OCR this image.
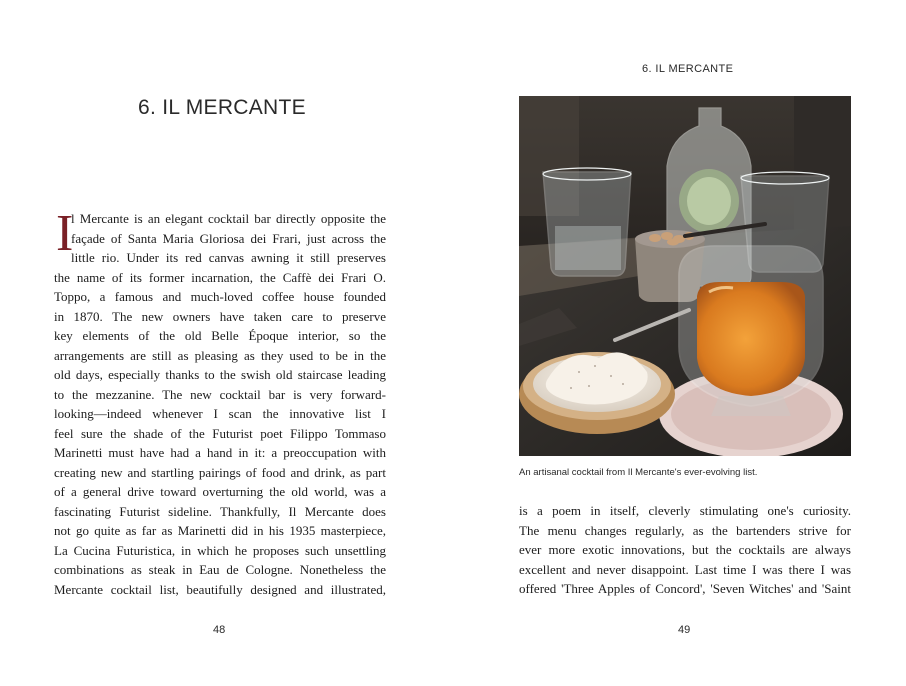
6. IL MERCANTE
I
l Mercante is an elegant cocktail bar directly opposite the
façade of Santa Maria Gloriosa dei Frari, just across the
little rio. Under its red canvas awning it still preserves
the name of its former incarnation, the Caffè dei Frari O.
Toppo, a famous and much-loved coffee house founded
in 1870. The new owners have taken care to preserve
key elements of the old Belle Époque interior, so the
arrangements are still as pleasing as they used to be in the
old days, especially thanks to the swish old staircase leading
to the mezzanine. The new cocktail bar is very forward-
looking—indeed whenever I scan the innovative list I
feel sure the shade of the Futurist poet Filippo Tommaso
Marinetti must have had a hand in it: a preoccupation with
creating new and startling pairings of food and drink, as part
of a general drive toward overturning the old world, was a
fascinating Futurist sideline. Thankfully, Il Mercante does
not go quite as far as Marinetti did in his 1935 masterpiece,
La Cucina Futuristica, in which he proposes such unsettling
combinations as steak in Eau de Cologne. Nonetheless the
Mercante cocktail list, beautifully designed and illustrated,
48
6. IL MERCANTE
An artisanal cocktail from Il Mercante's ever-evolving list.
is a poem in itself, cleverly stimulating one's curiosity.
The menu changes regularly, as the bartenders strive for
ever more exotic innovations, but the cocktails are always
excellent and never disappoint. Last time I was there I was
offered 'Three Apples of Concord', 'Seven Witches' and 'Saint
49
